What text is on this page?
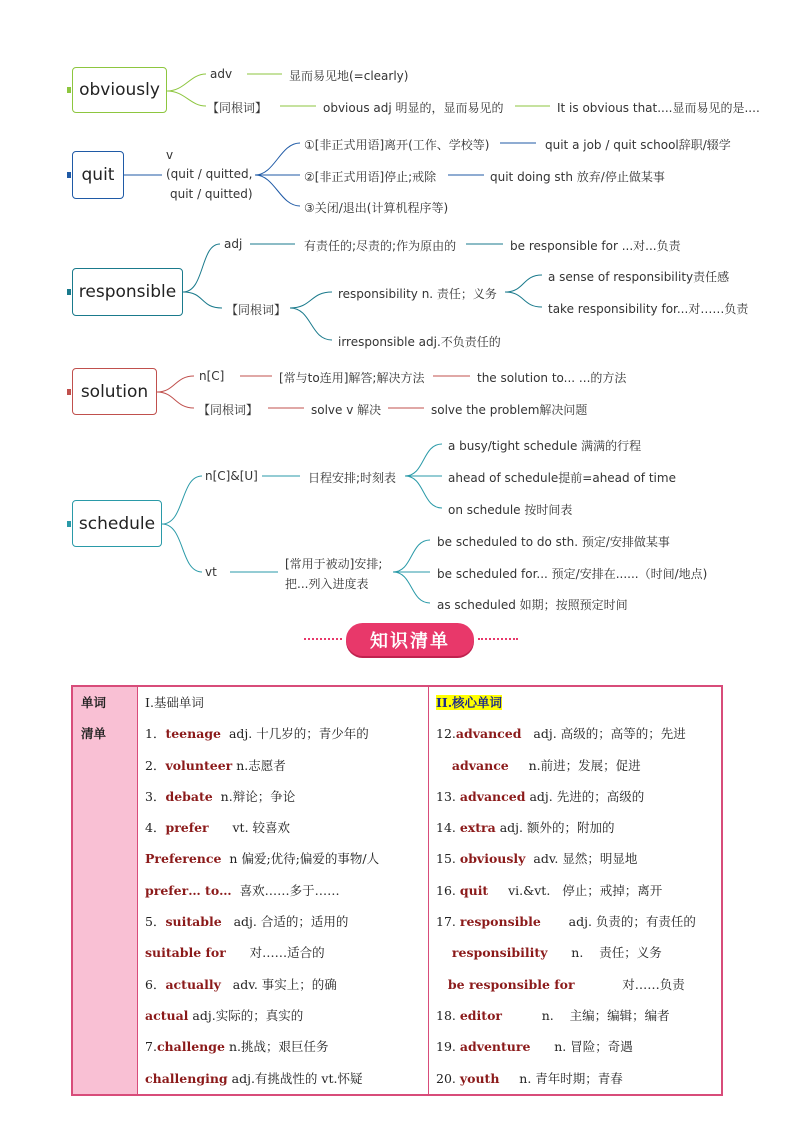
obviously
adv	显而易见地(=clearly)
【同根词】	obvious adj 明显的，显而易见的	It is obvious that....显而易见的是....
quit
v
(quit / quitted,
quit / quitted)
①[非正式用语]离开(工作、学校等)	quit a job / quit school辞职/辍学
②[非正式用语]停止;戒除	quit doing sth 放弃/停止做某事
③关闭/退出(计算机程序等)
responsible
adj	有责任的;尽责的;作为原由的	be responsible for ...对...负责
【同根词】
responsibility n. 责任；义务
a sense of responsibility责任感
take responsibility for...对……负责
irresponsible adj.不负责任的
solution
n[C]	[常与to连用]解答;解决方法	the solution to... ...的方法
【同根词】	solve v 解决	solve the problem解决问题
schedule
n[C]&[U]	日程安排;时刻表
a busy/tight schedule 满满的行程
ahead of schedule提前=ahead of time
on schedule 按时间表
vt
[常用于被动]安排;
把...列入进度表
be scheduled to do sth. 预定/安排做某事
be scheduled for... 预定/安排在......（时间/地点)
as scheduled 如期；按照预定时间
知识清单
单词
清单

I.基础单词
1．teenage  adj. 十几岁的；青少年的
2．volunteer n.志愿者
3．debate  n.辩论；争论
4．prefer      vt. 较喜欢
Preference  n 偏爱;优待;偏爱的事物/人
prefer… to…  喜欢……多于……
5．suitable   adj. 合适的；适用的
suitable for      对……适合的
6．actually   adv. 事实上；的确
actual adj.实际的；真实的
7.challenge n.挑战；艰巨任务
challenging adj.有挑战性的 vt.怀疑

II.核心单词
12.advanced   adj. 高级的；高等的；先进
advance     n.前进；发展；促进
13. advanced adj. 先进的；高级的
14. extra adj. 额外的；附加的
15. obviously  adv. 显然；明显地
16. quit     vi.&vt.   停止；戒掉；离开
17. responsible       adj. 负责的；有责任的
responsibility      n.    责任；义务
be responsible for            对……负责
18. editor          n.    主编；编辑；编者
19. adventure      n. 冒险；奇遇
20. youth     n. 青年时期；青春
